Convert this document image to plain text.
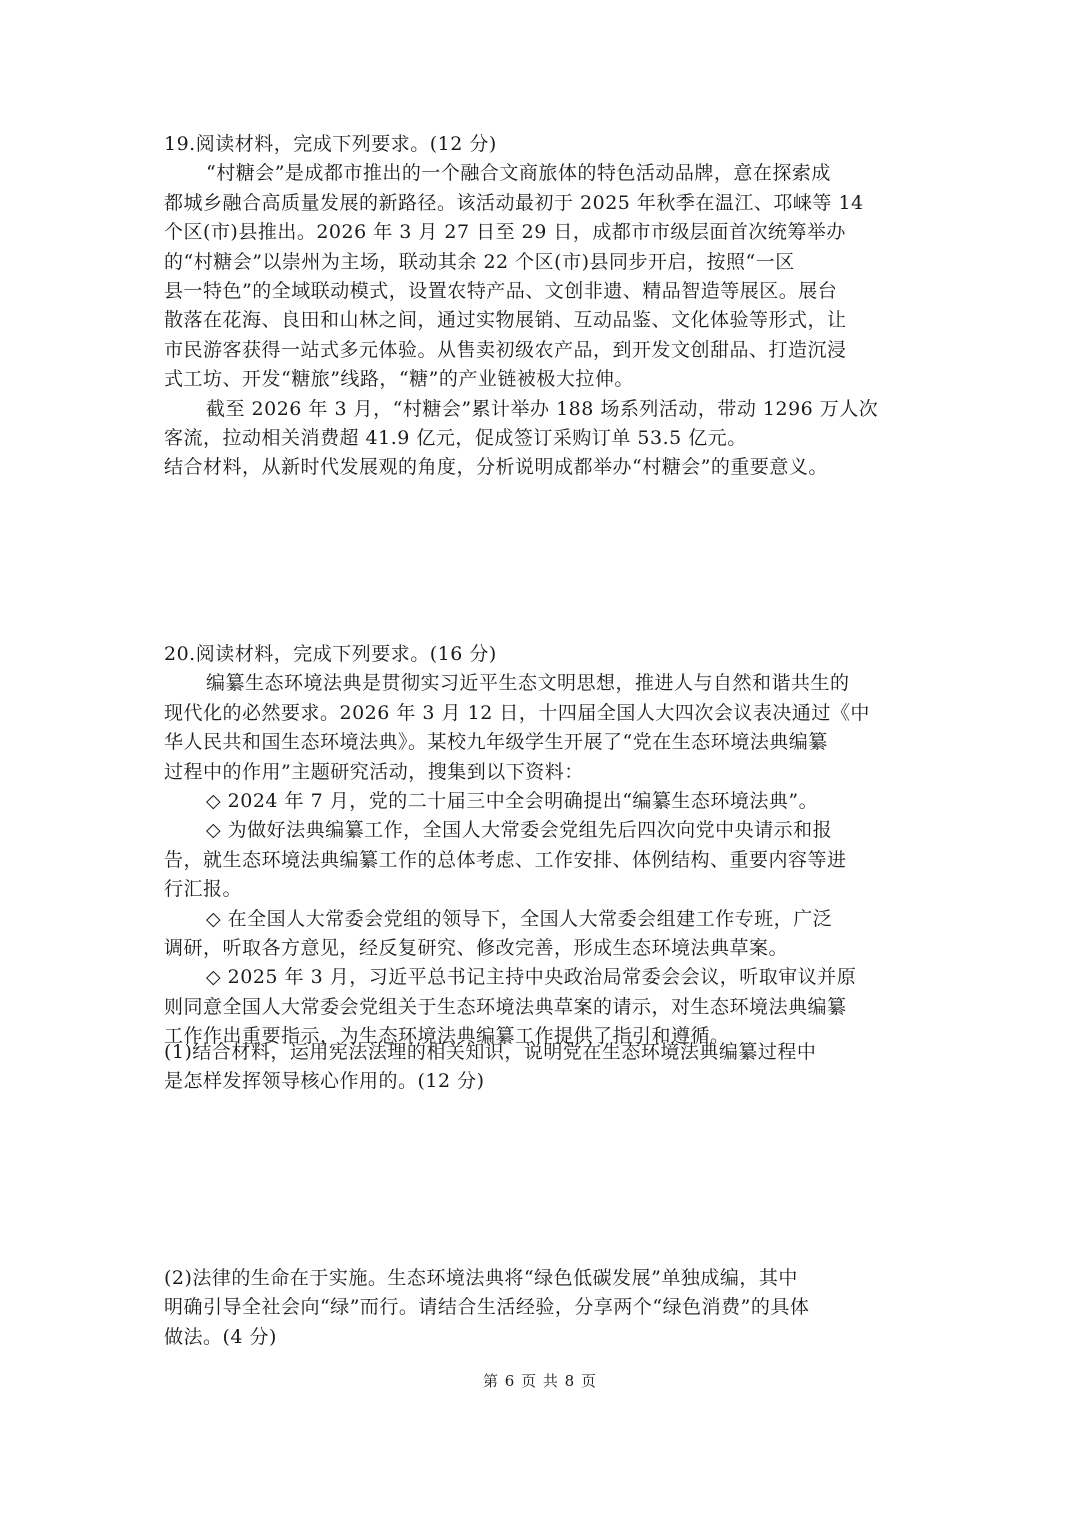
19.阅读材料，完成下列要求。(12 分)
“村糖会”是成都市推出的一个融合文商旅体的特色活动品牌，意在探索成
都城乡融合高质量发展的新路径。该活动最初于 2025 年秋季在温江、邛崃等 14
个区(市)县推出。2026 年 3 月 27 日至 29 日，成都市市级层面首次统筹举办
的“村糖会”以崇州为主场，联动其余 22 个区(市)县同步开启，按照“一区
县一特色”的全域联动模式，设置农特产品、文创非遗、精品智造等展区。展台
散落在花海、良田和山林之间，通过实物展销、互动品鉴、文化体验等形式，让
市民游客获得一站式多元体验。从售卖初级农产品，到开发文创甜品、打造沉浸
式工坊、开发“糖旅”线路，“糖”的产业链被极大拉伸。
截至 2026 年 3 月，“村糖会”累计举办 188 场系列活动，带动 1296 万人次
客流，拉动相关消费超 41.9 亿元，促成签订采购订单 53.5 亿元。
结合材料，从新时代发展观的角度，分析说明成都举办“村糖会”的重要意义。
20.阅读材料，完成下列要求。(16 分)
编纂生态环境法典是贯彻实习近平生态文明思想，推进人与自然和谐共生的
现代化的必然要求。2026 年 3 月 12 日，十四届全国人大四次会议表决通过《中
华人民共和国生态环境法典》。某校九年级学生开展了“党在生态环境法典编纂
过程中的作用”主题研究活动，搜集到以下资料：
◇ 2024 年 7 月，党的二十届三中全会明确提出“编纂生态环境法典”。
◇ 为做好法典编纂工作，全国人大常委会党组先后四次向党中央请示和报
告，就生态环境法典编纂工作的总体考虑、工作安排、体例结构、重要内容等进
行汇报。
◇ 在全国人大常委会党组的领导下，全国人大常委会组建工作专班，广泛
调研，听取各方意见，经反复研究、修改完善，形成生态环境法典草案。
◇ 2025 年 3 月，习近平总书记主持中央政治局常委会会议，听取审议并原
则同意全国人大常委会党组关于生态环境法典草案的请示，对生态环境法典编纂
工作作出重要指示，为生态环境法典编纂工作提供了指引和遵循。
(1)结合材料，运用宪法法理的相关知识，说明党在生态环境法典编纂过程中
是怎样发挥领导核心作用的。(12 分)
(2)法律的生命在于实施。生态环境法典将“绿色低碳发展”单独成编，其中
明确引导全社会向“绿”而行。请结合生活经验，分享两个“绿色消费”的具体
做法。(4 分)
第 6 页 共 8 页
